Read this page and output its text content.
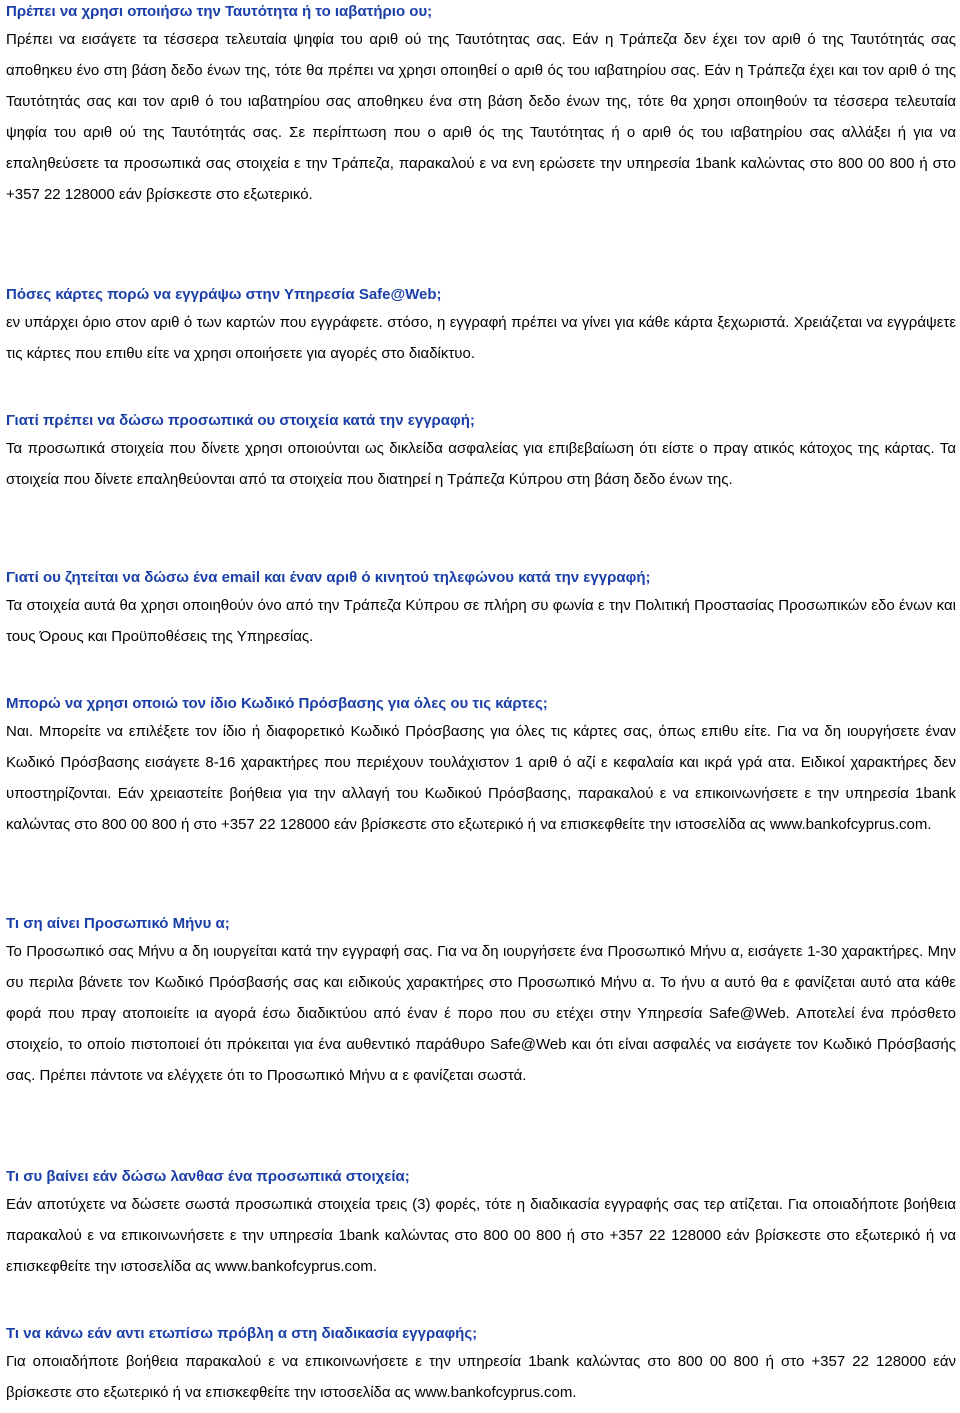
Πρέπει να χρησι οποιήσω την Ταυτότητα ή το ιαβατήριο ου;

Πρέπει να εισάγετε τα τέσσερα τελευταία ψηφία του αριθ ού της Ταυτότητας σας. Εάν η Τράπεζα δεν έχει τον αριθ ό της Ταυτότητάς σας αποθηκευ ένο στη βάση δεδο ένων της, τότε θα πρέπει να χρησι οποιηθεί ο αριθ ός του ιαβατηρίου σας. Εάν η Τράπεζα έχει και τον αριθ ό της Ταυτότητάς σας και τον αριθ ό του ιαβατηρίου σας αποθηκευ ένα στη βάση δεδο ένων της, τότε θα χρησι οποιηθούν τα τέσσερα τελευταία ψηφία του αριθ ού της Ταυτότητάς σας. Σε περίπτωση που ο αριθ ός της Ταυτότητας ή ο αριθ ός του ιαβατηρίου σας αλλάξει ή για να επαληθεύσετε τα προσωπικά σας στοιχεία ε την Τράπεζα, παρακαλού ε να ενη ερώσετε την υπηρεσία 1bank καλώντας στο 800 00 800 ή στο +357 22 128000 εάν βρίσκεστε στο εξωτερικό.

Πόσες κάρτες πορώ να εγγράψω στην Υπηρεσία Safe@Web;

εν υπάρχει όριο στον αριθ ό των καρτών που εγγράφετε. στόσο, η εγγραφή πρέπει να γίνει για κάθε κάρτα ξεχωριστά. Χρειάζεται να εγγράψετε τις κάρτες που επιθυ είτε να χρησι οποιήσετε για αγορές στο διαδίκτυο.

Γιατί πρέπει να δώσω προσωπικά ου στοιχεία κατά την εγγραφή;

Τα προσωπικά στοιχεία που δίνετε χρησι οποιούνται ως δικλείδα ασφαλείας για επιβεβαίωση ότι είστε ο πραγ ατικός κάτοχος της κάρτας. Τα στοιχεία που δίνετε επαληθεύονται από τα στοιχεία που διατηρεί η Τράπεζα Κύπρου στη βάση δεδο ένων της.

Γιατί ου ζητείται να δώσω ένα email και έναν αριθ ό κινητού τηλεφώνου κατά την εγγραφή;

Τα στοιχεία αυτά θα χρησι οποιηθούν όνο από την Τράπεζα Κύπρου σε πλήρη συ φωνία ε την Πολιτική Προστασίας Προσωπικών εδο ένων και τους Όρους και Προϋποθέσεις της Υπηρεσίας.

Μπορώ να χρησι οποιώ τον ίδιο Κωδικό Πρόσβασης για όλες ου τις κάρτες;

Ναι. Μπορείτε να επιλέξετε τον ίδιο ή διαφορετικό Κωδικό Πρόσβασης για όλες τις κάρτες σας, όπως επιθυ είτε. Για να δη ιουργήσετε έναν Κωδικό Πρόσβασης εισάγετε 8-16 χαρακτήρες που περιέχουν τουλάχιστον 1 αριθ ό αζί ε κεφαλαία και ικρά γρά ατα. Ειδικοί χαρακτήρες δεν υποστηρίζονται. Εάν χρειαστείτε βοήθεια για την αλλαγή του Κωδικού Πρόσβασης, παρακαλού ε να επικοινωνήσετε ε την υπηρεσία 1bank καλώντας στο 800 00 800 ή στο +357 22 128000 εάν βρίσκεστε στο εξωτερικό ή να επισκεφθείτε την ιστοσελίδα ας www.bankofcyprus.com.

Τι ση αίνει Προσωπικό Μήνυ α;

Το Προσωπικό σας Μήνυ α δη ιουργείται κατά την εγγραφή σας. Για να δη ιουργήσετε ένα Προσωπικό Μήνυ α, εισάγετε 1-30 χαρακτήρες. Μην συ περιλα βάνετε τον Κωδικό Πρόσβασής σας και ειδικούς χαρακτήρες στο Προσωπικό Μήνυ α. Το ήνυ α αυτό θα ε φανίζεται αυτό ατα κάθε φορά που πραγ ατοποιείτε ια αγορά έσω διαδικτύου από έναν έ πορο που συ ετέχει στην Υπηρεσία Safe@Web. Αποτελεί ένα πρόσθετο στοιχείο, το οποίο πιστοποιεί ότι πρόκειται για ένα αυθεντικό παράθυρο Safe@Web και ότι είναι ασφαλές να εισάγετε τον Κωδικό Πρόσβασής σας. Πρέπει πάντοτε να ελέγχετε ότι το Προσωπικό Μήνυ α ε φανίζεται σωστά.

Τι συ βαίνει εάν δώσω λανθασ ένα προσωπικά στοιχεία;

Εάν αποτύχετε να δώσετε σωστά προσωπικά στοιχεία τρεις (3) φορές, τότε η διαδικασία εγγραφής σας τερ ατίζεται. Για οποιαδήποτε βοήθεια παρακαλού ε να επικοινωνήσετε ε την υπηρεσία 1bank καλώντας στο 800 00 800 ή στο +357 22 128000 εάν βρίσκεστε στο εξωτερικό ή να επισκεφθείτε την ιστοσελίδα ας www.bankofcyprus.com.

Τι να κάνω εάν αντι ετωπίσω πρόβλη α στη διαδικασία εγγραφής;

Για οποιαδήποτε βοήθεια παρακαλού ε να επικοινωνήσετε ε την υπηρεσία 1bank καλώντας στο 800 00 800 ή στο +357 22 128000 εάν βρίσκεστε στο εξωτερικό ή να επισκεφθείτε την ιστοσελίδα ας www.bankofcyprus.com.
